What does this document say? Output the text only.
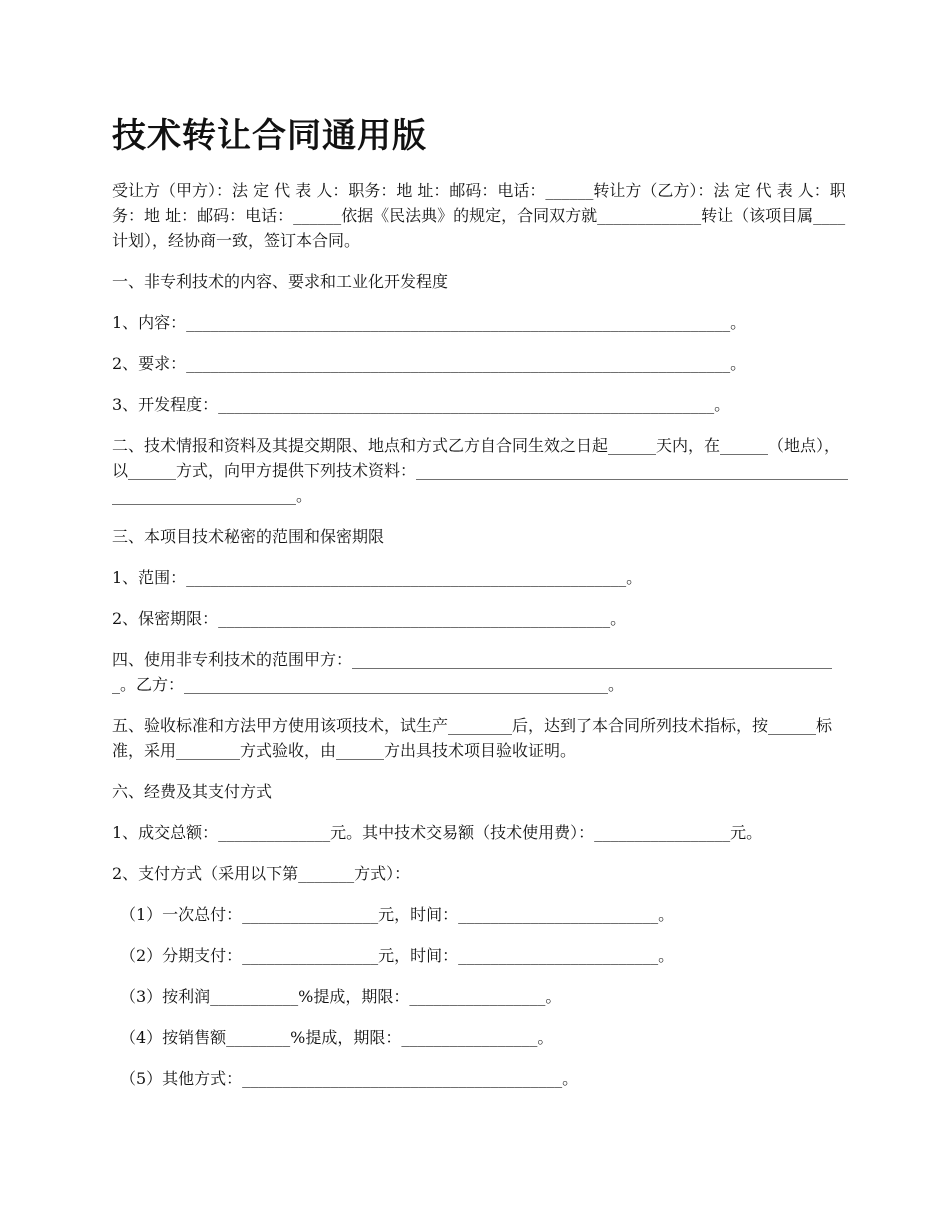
技术转让合同通用版
受让方（甲方）：法 定 代 表 人：职务：地 址：邮码：电话：______转让方（乙方）：法 定 代 表 人：职务：地 址：邮码：电话：______依据《民法典》的规定，合同双方就_____________转让（该项目属____计划），经协商一致，签订本合同。
一、非专利技术的内容、要求和工业化开发程度
1、内容：____________________________________________________________________。
2、要求：____________________________________________________________________。
3、开发程度：______________________________________________________________。
二、技术情报和资料及其提交期限、地点和方式乙方自合同生效之日起______天内，在______（地点），以______方式，向甲方提供下列技术资料：_____________________________________________________________________________。
三、本项目技术秘密的范围和保密期限
1、范围：_______________________________________________________。
2、保密期限：_________________________________________________。
四、使用非专利技术的范围甲方：_____________________________________________________________。乙方：_____________________________________________________。
五、验收标准和方法甲方使用该项技术，试生产________后，达到了本合同所列技术指标，按______标准，采用________方式验收，由______方出具技术项目验收证明。
六、经费及其支付方式
1、成交总额：______________元。其中技术交易额（技术使用费）：_________________元。
2、支付方式（采用以下第_______方式）：
（1）一次总付：_________________元，时间：_________________________。
（2）分期支付：_________________元，时间：_________________________。
（3）按利润___________%提成，期限：_________________。
（4）按销售额________%提成，期限：_________________。
（5）其他方式：________________________________________。
